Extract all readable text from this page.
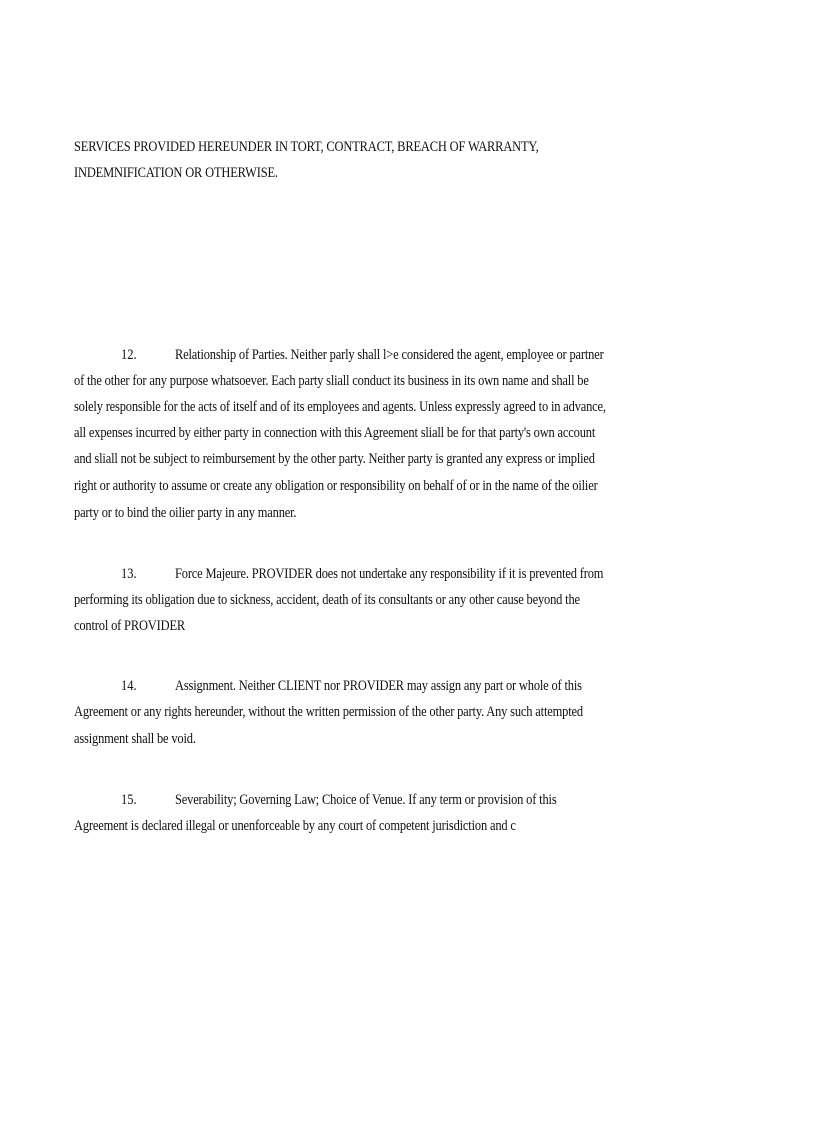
SERVICES PROVIDED HEREUNDER IN TORT, CONTRACT, BREACH OF WARRANTY,
INDEMNIFICATION OR OTHERWISE.
12.	Relationship of Parties. Neither parly shall l>e considered the agent, employee or partner
of the other for any purpose whatsoever. Each party sliall conduct its business in its own name and shall be
solely responsible for the acts of itself and of its employees and agents. Unless expressly agreed to in advance,
all expenses incurred by either party in connection with this Agreement sliall be for that party's own account
and sliall not be subject to reimbursement by the other party. Neither party is granted any express or implied
right or authority to assume or create any obligation or responsibility on behalf of or in the name of the oilier
party or to bind the oilier party in any manner.
13.	Force Majeure. PROVIDER does not undertake any responsibility if it is prevented from
performing its obligation due to sickness, accident, death of its consultants or any other cause beyond the
control of PROVIDER
14.	Assignment. Neither CLIENT nor PROVIDER may assign any part or whole of this
Agreement or any rights hereunder, without the written permission of the other party. Any such attempted
assignment shall be void.
15.	Severability; Governing Law; Choice of Venue. If any term or provision of this
Agreement is declared illegal or unenforceable by any court of competent jurisdiction and c
